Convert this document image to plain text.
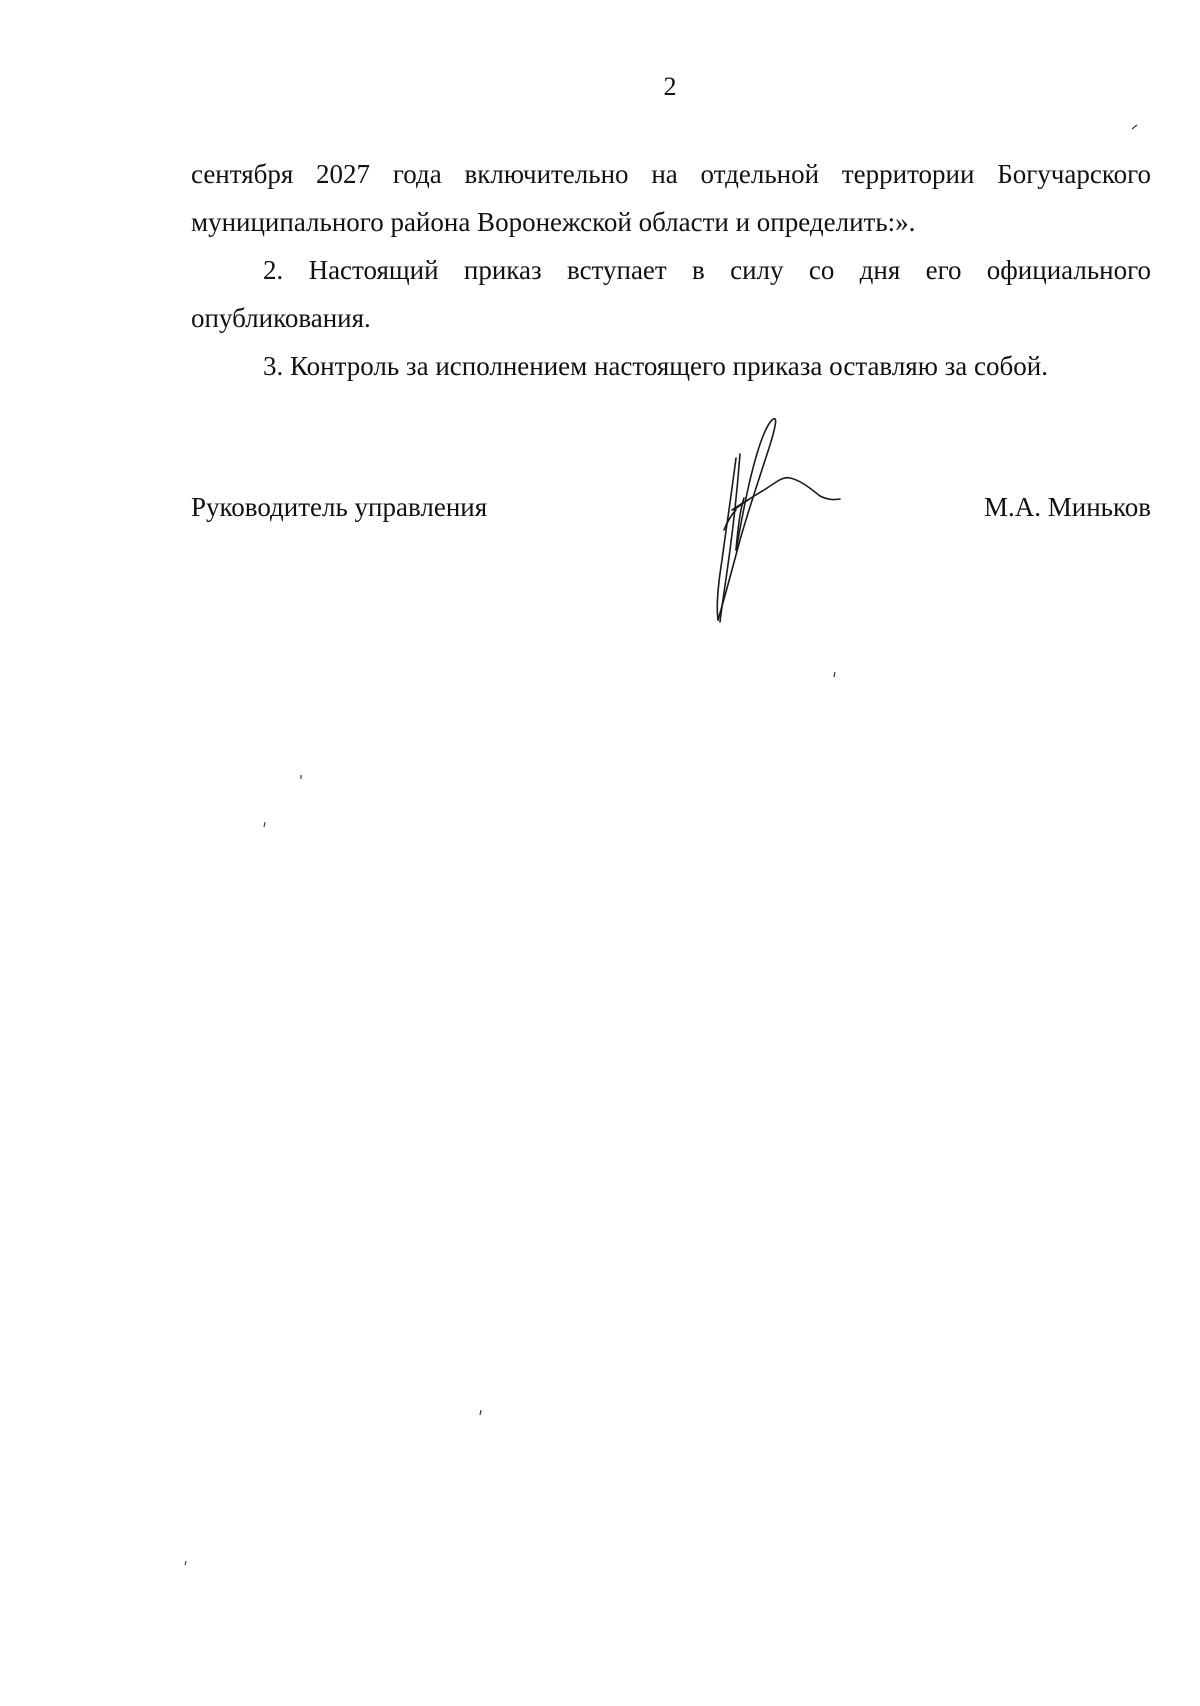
2

сентября 2027 года включительно на отдельной территории Богучарского муниципального района Воронежской области и определить:».

2. Настоящий приказ вступает в силу со дня его официального опубликования.

3. Контроль за исполнением настоящего приказа оставляю за собой.

Руководитель управления	М.А. Миньков
